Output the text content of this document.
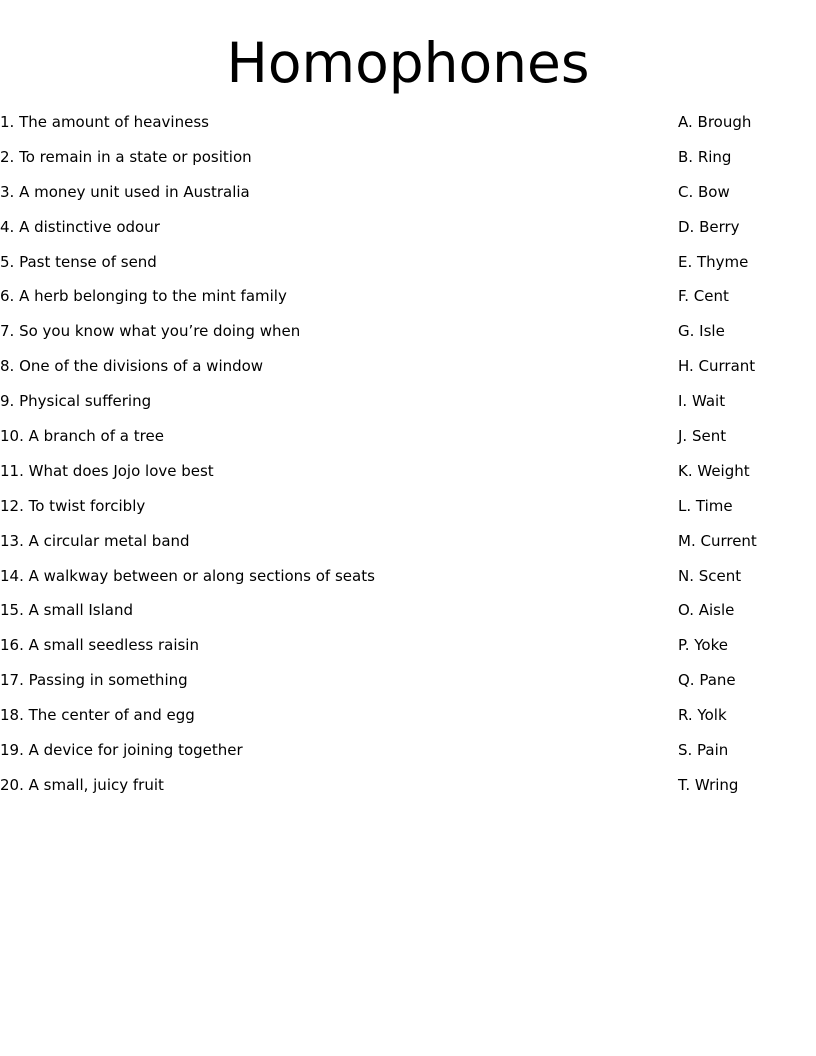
Homophones
1. The amount of heaviness	A. Brough
2. To remain in a state or position	B. Ring
3. A money unit used in Australia	C. Bow
4. A distinctive odour	D. Berry
5. Past tense of send	E. Thyme
6. A herb belonging to the mint family	F. Cent
7. So you know what you’re doing when	G. Isle
8. One of the divisions of a window	H. Currant
9. Physical suffering	I. Wait
10. A branch of a tree	J. Sent
11. What does Jojo love best	K. Weight
12. To twist forcibly	L. Time
13. A circular metal band	M. Current
14. A walkway between or along sections of seats	N. Scent
15. A small Island	O. Aisle
16. A small seedless raisin	P. Yoke
17. Passing in something	Q. Pane
18. The center of and egg	R. Yolk
19. A device for joining together	S. Pain
20. A small, juicy fruit	T. Wring
